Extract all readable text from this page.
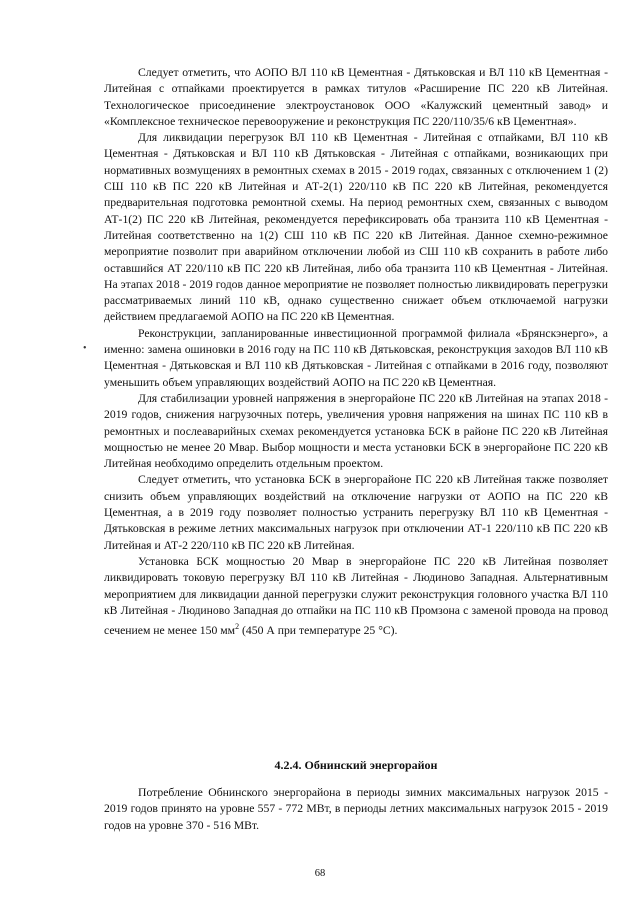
•

Следует отметить, что АОПО ВЛ 110 кВ Цементная - Дятьковская и ВЛ 110 кВ Цементная - Литейная с отпайками проектируется в рамках титулов «Расширение ПС 220 кВ Литейная. Технологическое присоединение электроустановок ООО «Калужский цементный завод» и «Комплексное техническое перевооружение и реконструкция ПС 220/110/35/6 кВ Цементная».

Для ликвидации перегрузок ВЛ 110 кВ Цементная - Литейная с отпайками, ВЛ 110 кВ Цементная - Дятьковская и ВЛ 110 кВ Дятьковская - Литейная с отпайками, возникающих при нормативных возмущениях в ремонтных схемах в 2015 - 2019 годах, связанных с отключением 1 (2) СШ 110 кВ ПС 220 кВ Литейная и АТ-2(1) 220/110 кВ ПС 220 кВ Литейная, рекомендуется предварительная подготовка ремонтной схемы. На период ремонтных схем, связанных с выводом АТ-1(2) ПС 220 кВ Литейная, рекомендуется перефиксировать оба транзита 110 кВ Цементная - Литейная соответственно на 1(2) СШ 110 кВ ПС 220 кВ Литейная. Данное схемно-режимное мероприятие позволит при аварийном отключении любой из СШ 110 кВ сохранить в работе либо оставшийся АТ 220/110 кВ ПС 220 кВ Литейная, либо оба транзита 110 кВ Цементная - Литейная. На этапах 2018 - 2019 годов данное мероприятие не позволяет полностью ликвидировать перегрузки рассматриваемых линий 110 кВ, однако существенно снижает объем отключаемой нагрузки действием предлагаемой АОПО на ПС 220 кВ Цементная.

Реконструкции, запланированные инвестиционной программой филиала «Брянскэнерго», а именно: замена ошиновки в 2016 году на ПС 110 кВ Дятьковская, реконструкция заходов ВЛ 110 кВ Цементная - Дятьковская и ВЛ 110 кВ Дятьковская - Литейная с отпайками в 2016 году, позволяют уменьшить объем управляющих воздействий АОПО на ПС 220 кВ Цементная.

Для стабилизации уровней напряжения в энергорайоне ПС 220 кВ Литейная на этапах 2018 - 2019 годов, снижения нагрузочных потерь, увеличения уровня напряжения на шинах ПС 110 кВ в ремонтных и послеаварийных схемах рекомендуется установка БСК в районе ПС 220 кВ Литейная мощностью не менее 20 Мвар. Выбор мощности и места установки БСК в энергорайоне ПС 220 кВ Литейная необходимо определить отдельным проектом.

Следует отметить, что установка БСК в энергорайоне ПС 220 кВ Литейная также позволяет снизить объем управляющих воздействий на отключение нагрузки от АОПО на ПС 220 кВ Цементная, а в 2019 году позволяет полностью устранить перегрузку ВЛ 110 кВ Цементная - Дятьковская в режиме летних максимальных нагрузок при отключении АТ-1 220/110 кВ ПС 220 кВ Литейная и АТ-2 220/110 кВ ПС 220 кВ Литейная.

Установка БСК мощностью 20 Мвар в энергорайоне ПС 220 кВ Литейная позволяет ликвидировать токовую перегрузку ВЛ 110 кВ Литейная - Людиново Западная. Альтернативным мероприятием для ликвидации данной перегрузки служит реконструкция головного участка ВЛ 110 кВ Литейная - Людиново Западная до отпайки на ПС 110 кВ Промзона с заменой провода на провод сечением не менее 150 $мм^2$ (450 А при температуре 25 °С).

4.2.4. Обнинский энергорайон

Потребление Обнинского энергорайона в периоды зимних максимальных нагрузок 2015 - 2019 годов принято на уровне 557 - 772 МВт, в периоды летних максимальных нагрузок 2015 - 2019 годов на уровне 370 - 516 МВт.

68
